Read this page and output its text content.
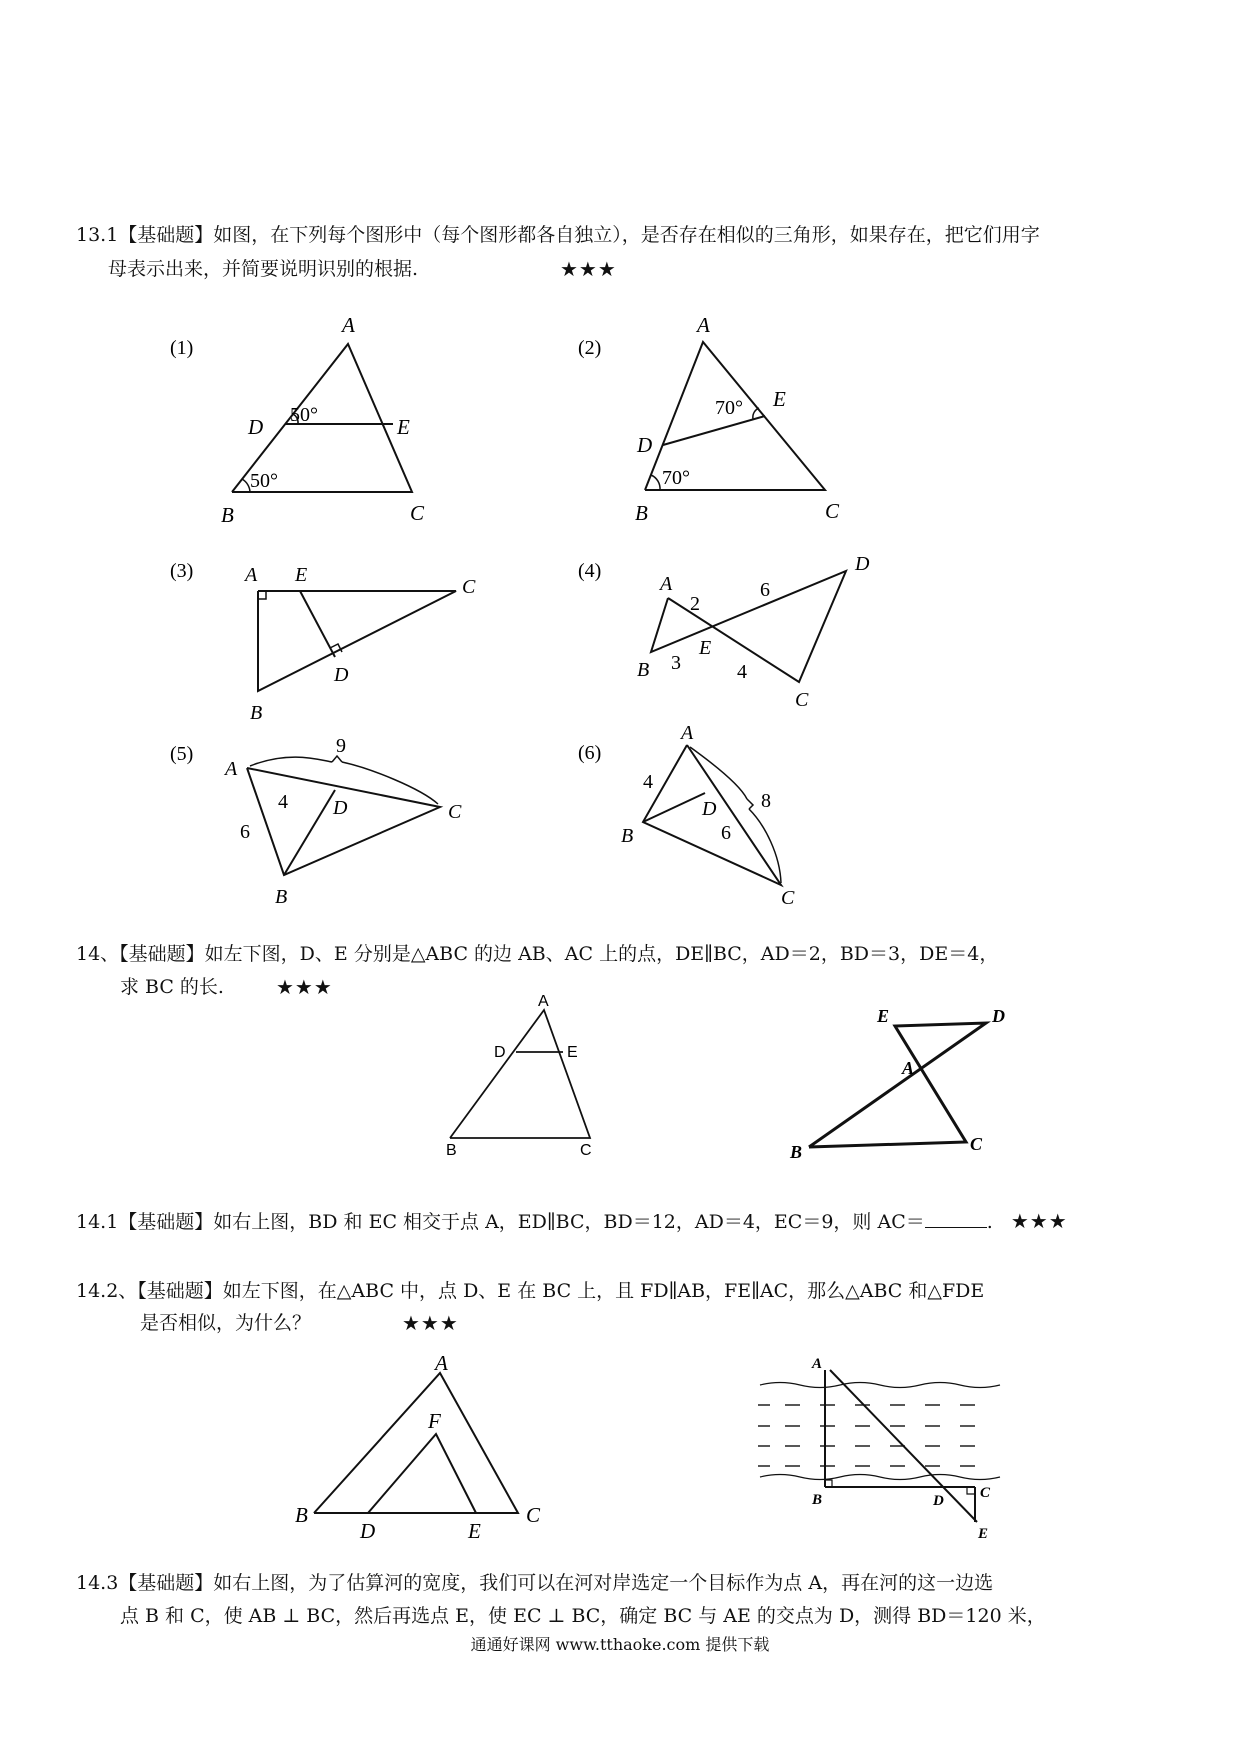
13.1【基础题】如图，在下列每个图形中（每个图形都各自独立），是否存在相似的三角形，如果存在，把它们用字
母表示出来，并简要说明识别的根据.	★★★
(1)
A
B	C
D	E
50°
50°
(2)
A
B	C
D
E
70°
70°
(3)	A
B
C
D
E	(4)
A
B
C
D
E
2
6
3	4
(5)
A
B
C
D
9
4
6
(6)
A
B
C
D
4
8
6
14、【基础题】如左下图，D、E 分别是△ABC 的边 AB、AC 上的点，DE∥BC，AD＝2，BD＝3，DE＝4，
求 BC 的长.	★★★
A
B	C
D	E
E	D
A
B	C
14.1【基础题】如右上图，BD 和 EC 相交于点 A，ED∥BC，BD＝12，AD＝4，EC＝9，则 AC＝	. ★★★
14.2、【基础题】如左下图，在△ABC 中，点 D、E 在 BC 上，且 FD∥AB，FE∥AC，那么△ABC 和△FDE
是否相似，为什么？	★★★
A
B	C
D	E
F
A
B	C
D
E
14.3【基础题】如右上图，为了估算河的宽度，我们可以在河对岸选定一个目标作为点 A，再在河的这一边选
点 B 和 C，使 AB ⊥ BC，然后再选点 E，使 EC ⊥ BC，确定 BC 与 AE 的交点为 D，测得 BD＝120 米，
通通好课网 www.tthaoke.com 提供下载
